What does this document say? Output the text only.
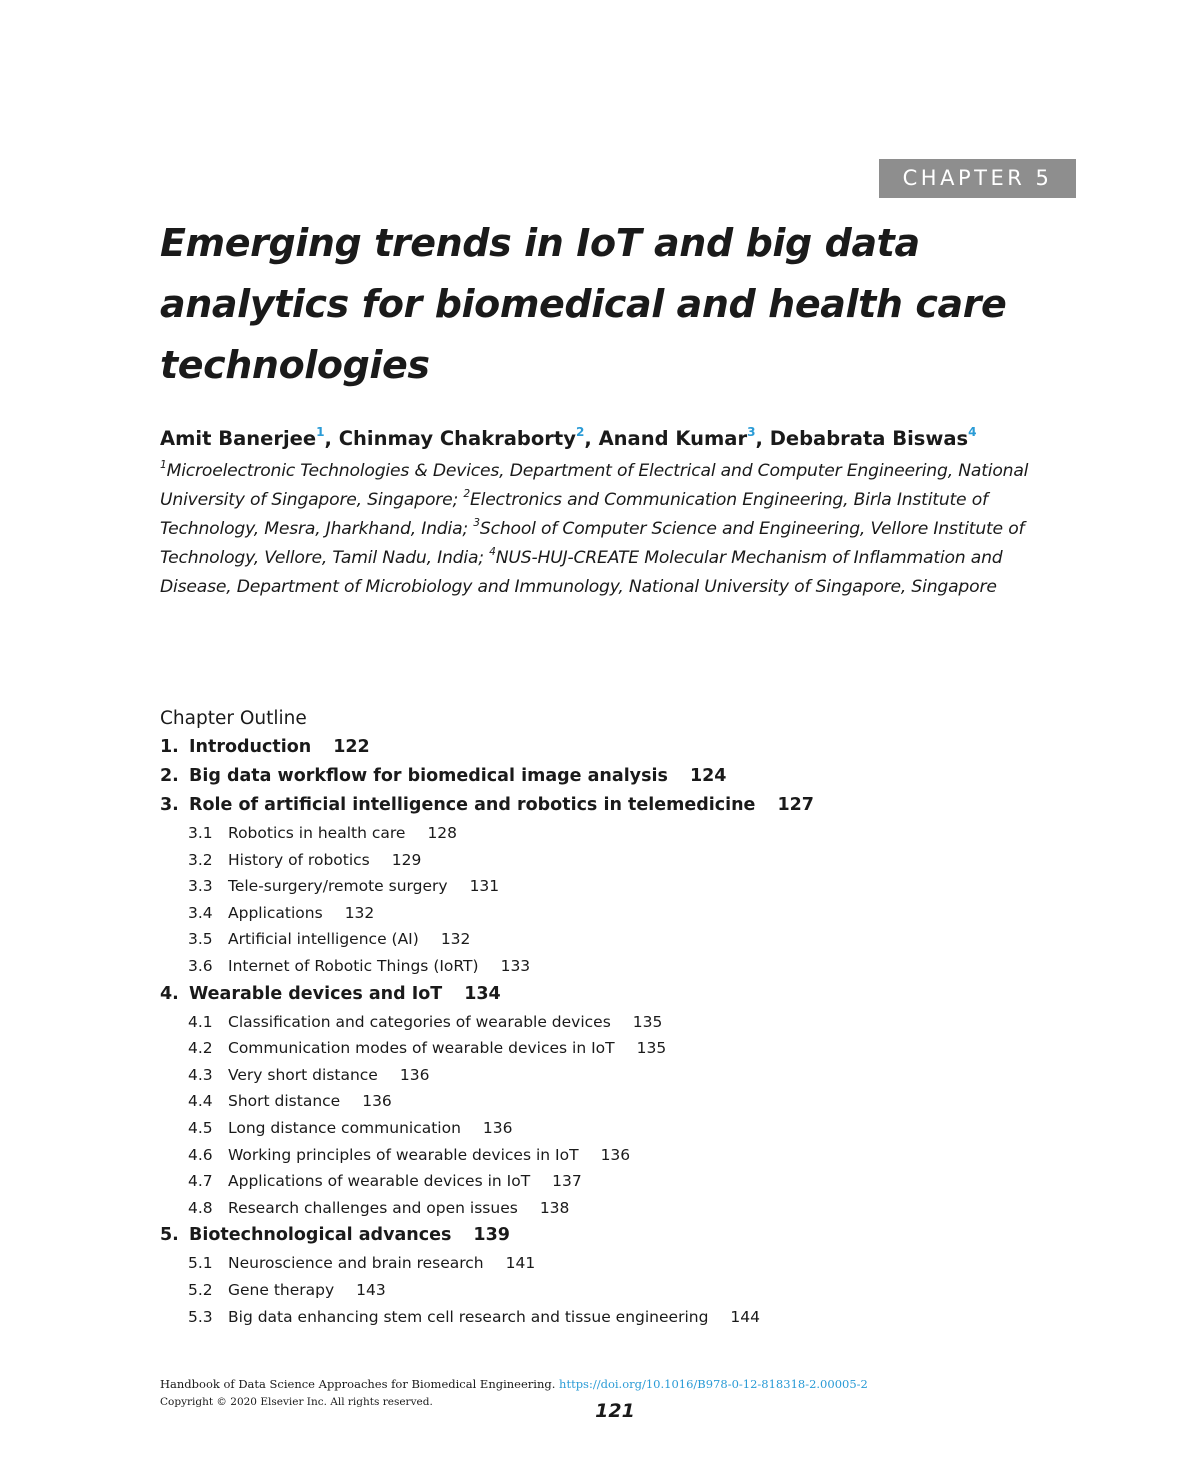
CHAPTER 5
Emerging trends in IoT and big data analytics for biomedical and health care technologies
Amit Banerjee$^1$, Chinmay Chakraborty$^2$, Anand Kumar$^3$, Debabrata Biswas$^4$
$^1$Microelectronic Technologies & Devices, Department of Electrical and Computer Engineering, National University of Singapore, Singapore; $^2$Electronics and Communication Engineering, Birla Institute of Technology, Mesra, Jharkhand, India; $^3$School of Computer Science and Engineering, Vellore Institute of Technology, Vellore, Tamil Nadu, India; $^4$NUS-HUJ-CREATE Molecular Mechanism of Inflammation and Disease, Department of Microbiology and Immunology, National University of Singapore, Singapore
Chapter Outline
1. Introduction 122
2. Big data workflow for biomedical image analysis 124
3. Role of artificial intelligence and robotics in telemedicine 127
3.1 Robotics in health care 128
3.2 History of robotics 129
3.3 Tele-surgery/remote surgery 131
3.4 Applications 132
3.5 Artificial intelligence (AI) 132
3.6 Internet of Robotic Things (IoRT) 133
4. Wearable devices and IoT 134
4.1 Classification and categories of wearable devices 135
4.2 Communication modes of wearable devices in IoT 135
4.3 Very short distance 136
4.4 Short distance 136
4.5 Long distance communication 136
4.6 Working principles of wearable devices in IoT 136
4.7 Applications of wearable devices in IoT 137
4.8 Research challenges and open issues 138
5. Biotechnological advances 139
5.1 Neuroscience and brain research 141
5.2 Gene therapy 143
5.3 Big data enhancing stem cell research and tissue engineering 144
Handbook of Data Science Approaches for Biomedical Engineering. https://doi.org/10.1016/B978-0-12-818318-2.00005-2
Copyright © 2020 Elsevier Inc. All rights reserved.	121
